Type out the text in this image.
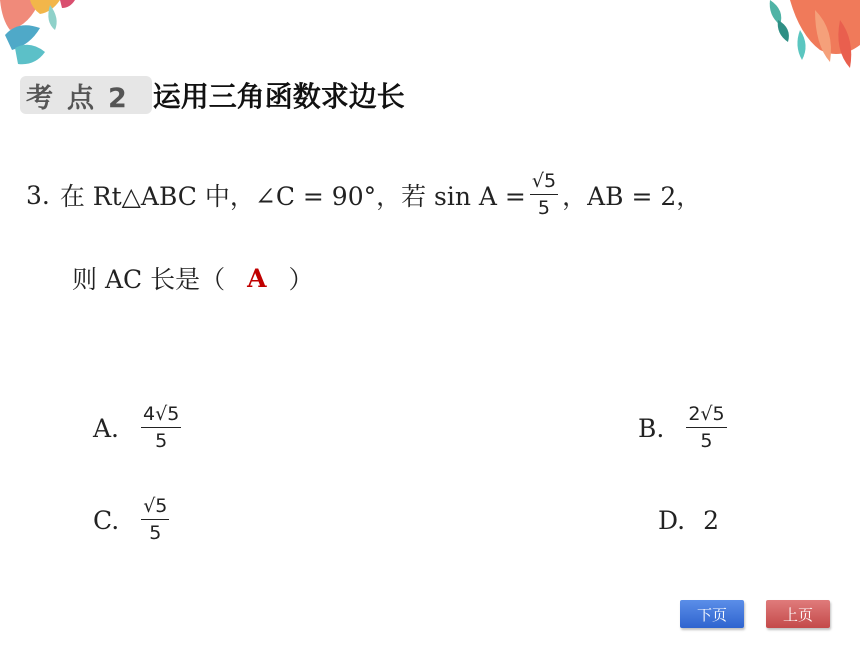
考点2 运用三角函数求边长
3. 在 Rt△ABC 中，∠C = 90°，若 $\sin A = \frac{√5}{5}$ ，AB = 2，
则 AC 长是（ A ）
A. $\frac{4√5}{5}$	B. $\frac{2√5}{5}$
C. $\frac{√5}{5}$	D. 2
下页	上页
